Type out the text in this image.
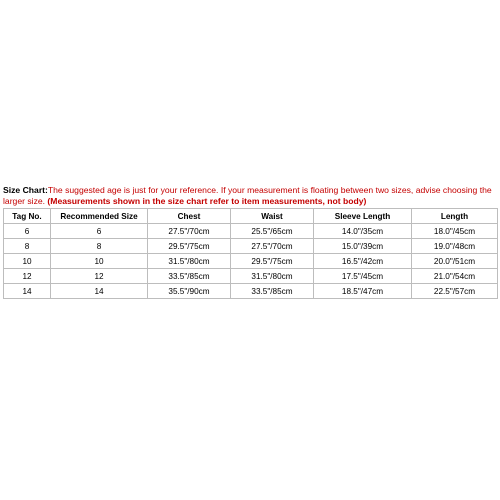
Size Chart:The suggested age is just for your reference. If your measurement is floating between two sizes, advise choosing the larger size. (Measurements shown in the size chart refer to item measurements, not body)

Tag No.	Recommended Size	Chest	Waist	Sleeve Length	Length
6	6	27.5"/70cm	25.5"/65cm	14.0"/35cm	18.0"/45cm
8	8	29.5"/75cm	27.5"/70cm	15.0"/39cm	19.0"/48cm
10	10	31.5"/80cm	29.5"/75cm	16.5"/42cm	20.0"/51cm
12	12	33.5"/85cm	31.5"/80cm	17.5"/45cm	21.0"/54cm
14	14	35.5"/90cm	33.5"/85cm	18.5"/47cm	22.5"/57cm
